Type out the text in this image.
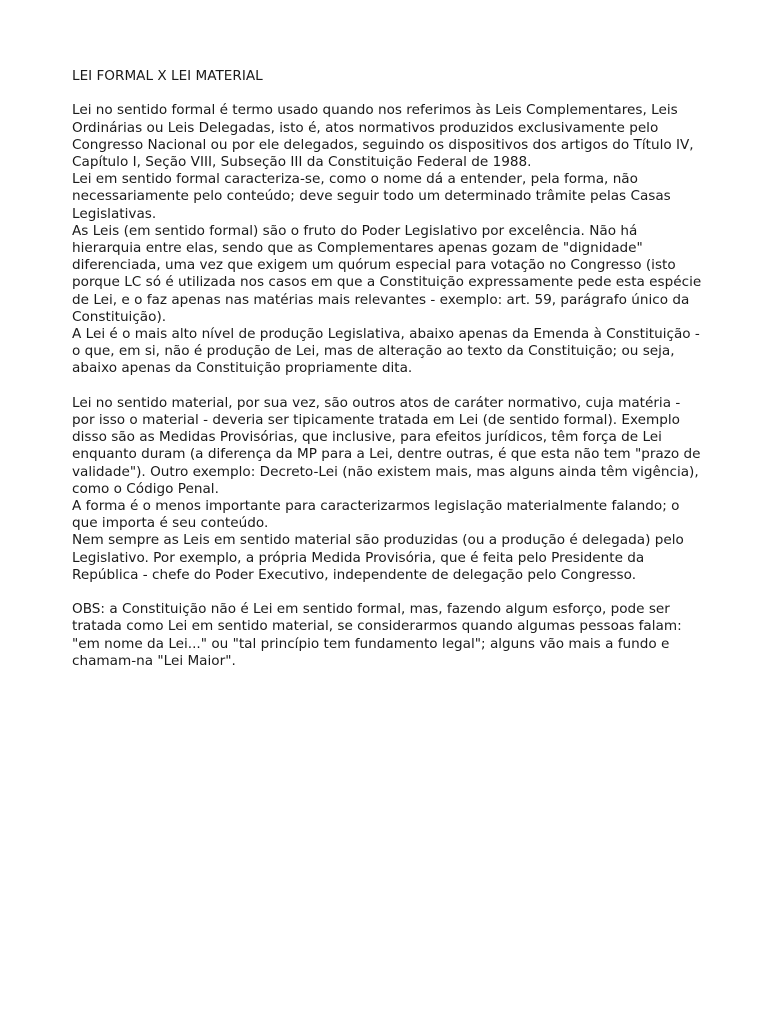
LEI FORMAL X LEI MATERIAL

Lei no sentido formal é termo usado quando nos referimos às Leis Complementares, Leis Ordinárias ou Leis Delegadas, isto é, atos normativos produzidos exclusivamente pelo Congresso Nacional ou por ele delegados, seguindo os dispositivos dos artigos do Título IV, Capítulo I, Seção VIII, Subseção III da Constituição Federal de 1988.

Lei em sentido formal caracteriza-se, como o nome dá a entender, pela forma, não necessariamente pelo conteúdo; deve seguir todo um determinado trâmite pelas Casas Legislativas.

As Leis (em sentido formal) são o fruto do Poder Legislativo por excelência. Não há hierarquia entre elas, sendo que as Complementares apenas gozam de "dignidade" diferenciada, uma vez que exigem um quórum especial para votação no Congresso (isto porque LC só é utilizada nos casos em que a Constituição expressamente pede esta espécie de Lei, e o faz apenas nas matérias mais relevantes - exemplo: art. 59, parágrafo único da Constituição).

A Lei é o mais alto nível de produção Legislativa, abaixo apenas da Emenda à Constituição - o que, em si, não é produção de Lei, mas de alteração ao texto da Constituição; ou seja, abaixo apenas da Constituição propriamente dita.

Lei no sentido material, por sua vez, são outros atos de caráter normativo, cuja matéria - por isso o material - deveria ser tipicamente tratada em Lei (de sentido formal). Exemplo disso são as Medidas Provisórias, que inclusive, para efeitos jurídicos, têm força de Lei enquanto duram (a diferença da MP para a Lei, dentre outras, é que esta não tem "prazo de validade"). Outro exemplo: Decreto-Lei (não existem mais, mas alguns ainda têm vigência), como o Código Penal.

A forma é o menos importante para caracterizarmos legislação materialmente falando; o que importa é seu conteúdo.

Nem sempre as Leis em sentido material são produzidas (ou a produção é delegada) pelo Legislativo. Por exemplo, a própria Medida Provisória, que é feita pelo Presidente da República - chefe do Poder Executivo, independente de delegação pelo Congresso.

OBS: a Constituição não é Lei em sentido formal, mas, fazendo algum esforço, pode ser tratada como Lei em sentido material, se considerarmos quando algumas pessoas falam: "em nome da Lei..." ou "tal princípio tem fundamento legal"; alguns vão mais a fundo e chamam-na "Lei Maior".
